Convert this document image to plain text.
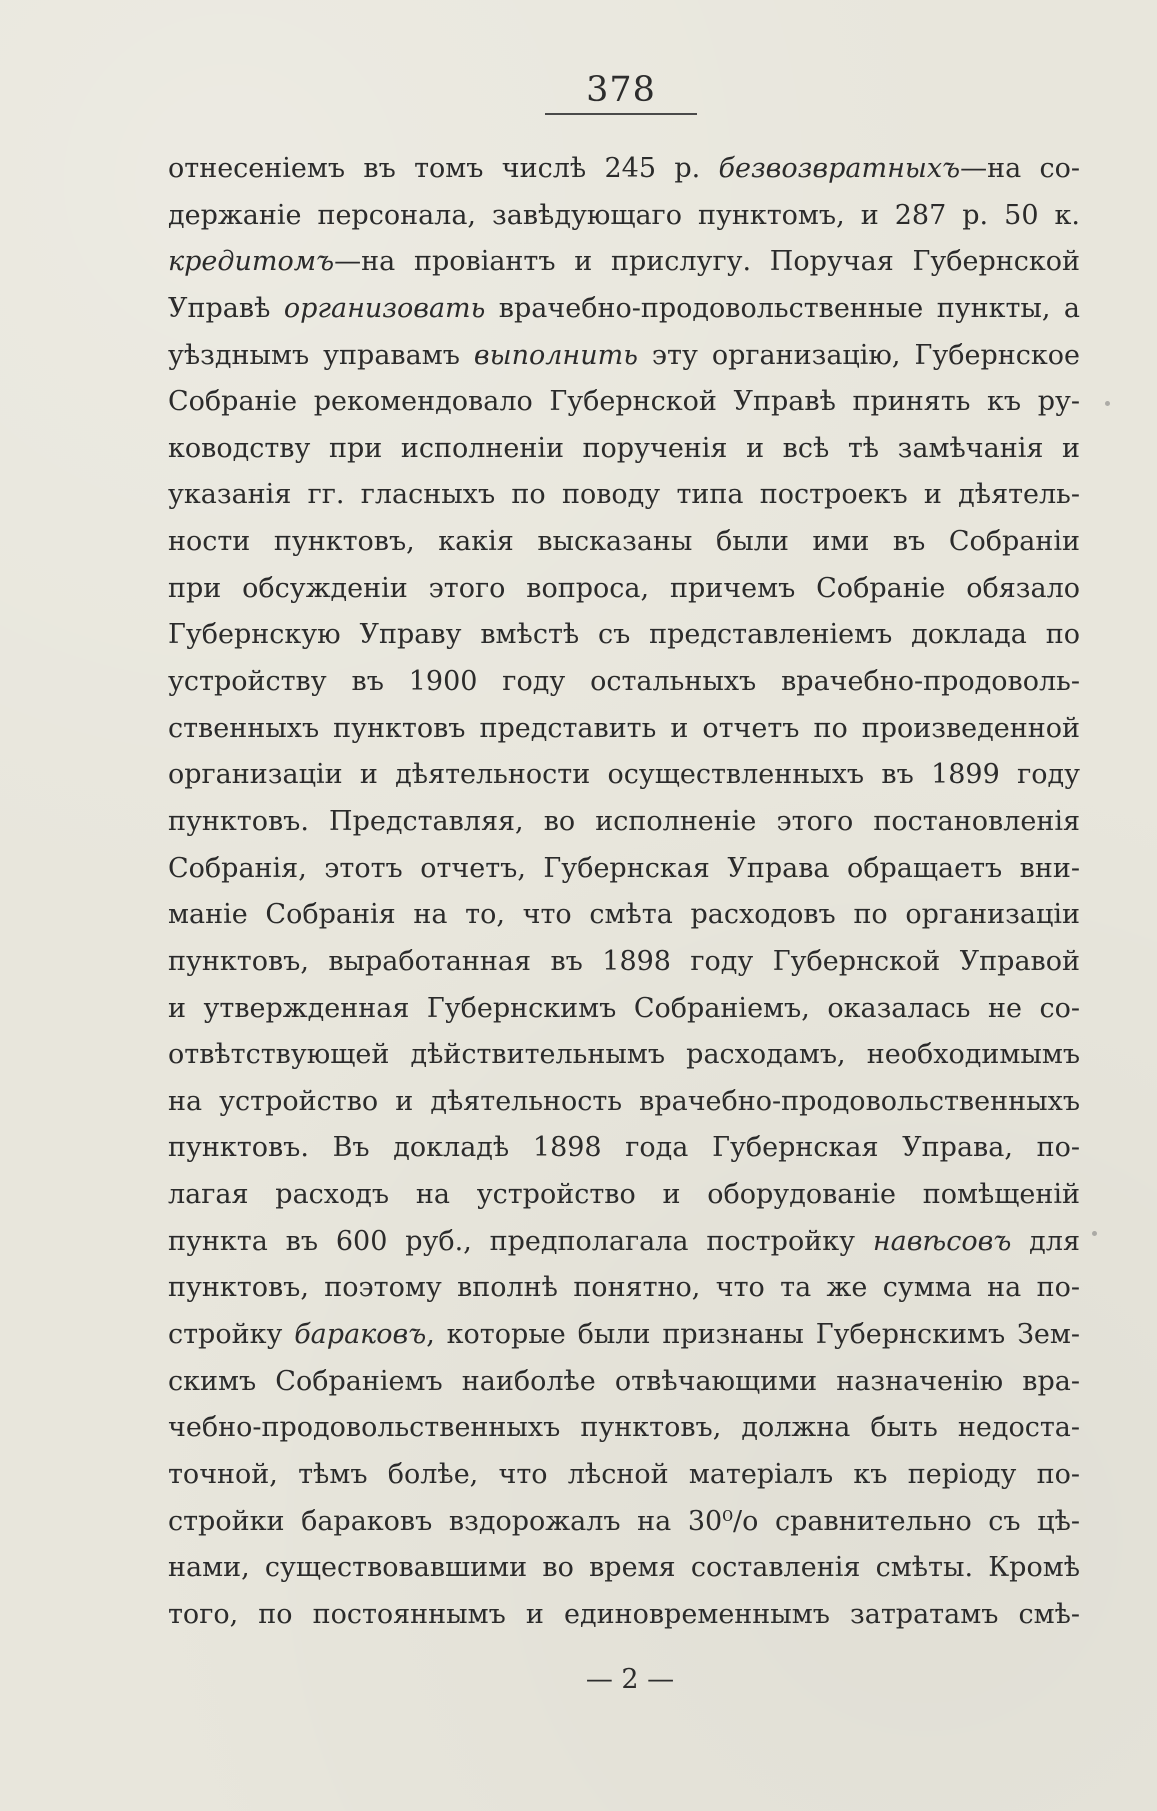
378
отнесеніемъ въ томъ числѣ 245 р. безвозвратныхъ—на со-
держаніе персонала, завѣдующаго пунктомъ, и 287 р. 50 к.
кредитомъ—на провіантъ и прислугу. Поручая Губернской
Управѣ организовать врачебно-продовольственные пункты, а
уѣзднымъ управамъ выполнить эту организацію, Губернское
Собраніе рекомендовало Губернской Управѣ принять къ ру-
ководству при исполненіи порученія и всѣ тѣ замѣчанія и
указанія гг. гласныхъ по поводу типа построекъ и дѣятель-
ности пунктовъ, какія высказаны были ими въ Собраніи
при обсужденіи этого вопроса, причемъ Собраніе обязало
Губернскую Управу вмѣстѣ съ представленіемъ доклада по
устройству въ 1900 году остальныхъ врачебно-продоволь-
ственныхъ пунктовъ представить и отчетъ по произведенной
организаціи и дѣятельности осуществленныхъ въ 1899 году
пунктовъ. Представляя, во исполненіе этого постановленія
Собранія, этотъ отчетъ, Губернская Управа обращаетъ вни-
маніе Собранія на то, что смѣта расходовъ по организаціи
пунктовъ, выработанная въ 1898 году Губернской Управой
и утвержденная Губернскимъ Собраніемъ, оказалась не со-
отвѣтствующей дѣйствительнымъ расходамъ, необходимымъ
на устройство и дѣятельность врачебно-продовольственныхъ
пунктовъ. Въ докладѣ 1898 года Губернская Управа, по-
лагая расходъ на устройство и оборудованіе помѣщеній
пункта въ 600 руб., предполагала постройку навѣсовъ для
пунктовъ, поэтому вполнѣ понятно, что та же сумма на по-
стройку бараковъ, которые были признаны Губернскимъ Зем-
скимъ Собраніемъ наиболѣе отвѣчающими назначенію вра-
чебно-продовольственныхъ пунктовъ, должна быть недоста-
точной, тѣмъ болѣе, что лѣсной матеріалъ къ періоду по-
стройки бараковъ вздорожалъ на 30⁰/о сравнительно съ цѣ-
нами, существовавшими во время составленія смѣты. Кромѣ
того, по постояннымъ и единовременнымъ затратамъ смѣ-
— 2 —
